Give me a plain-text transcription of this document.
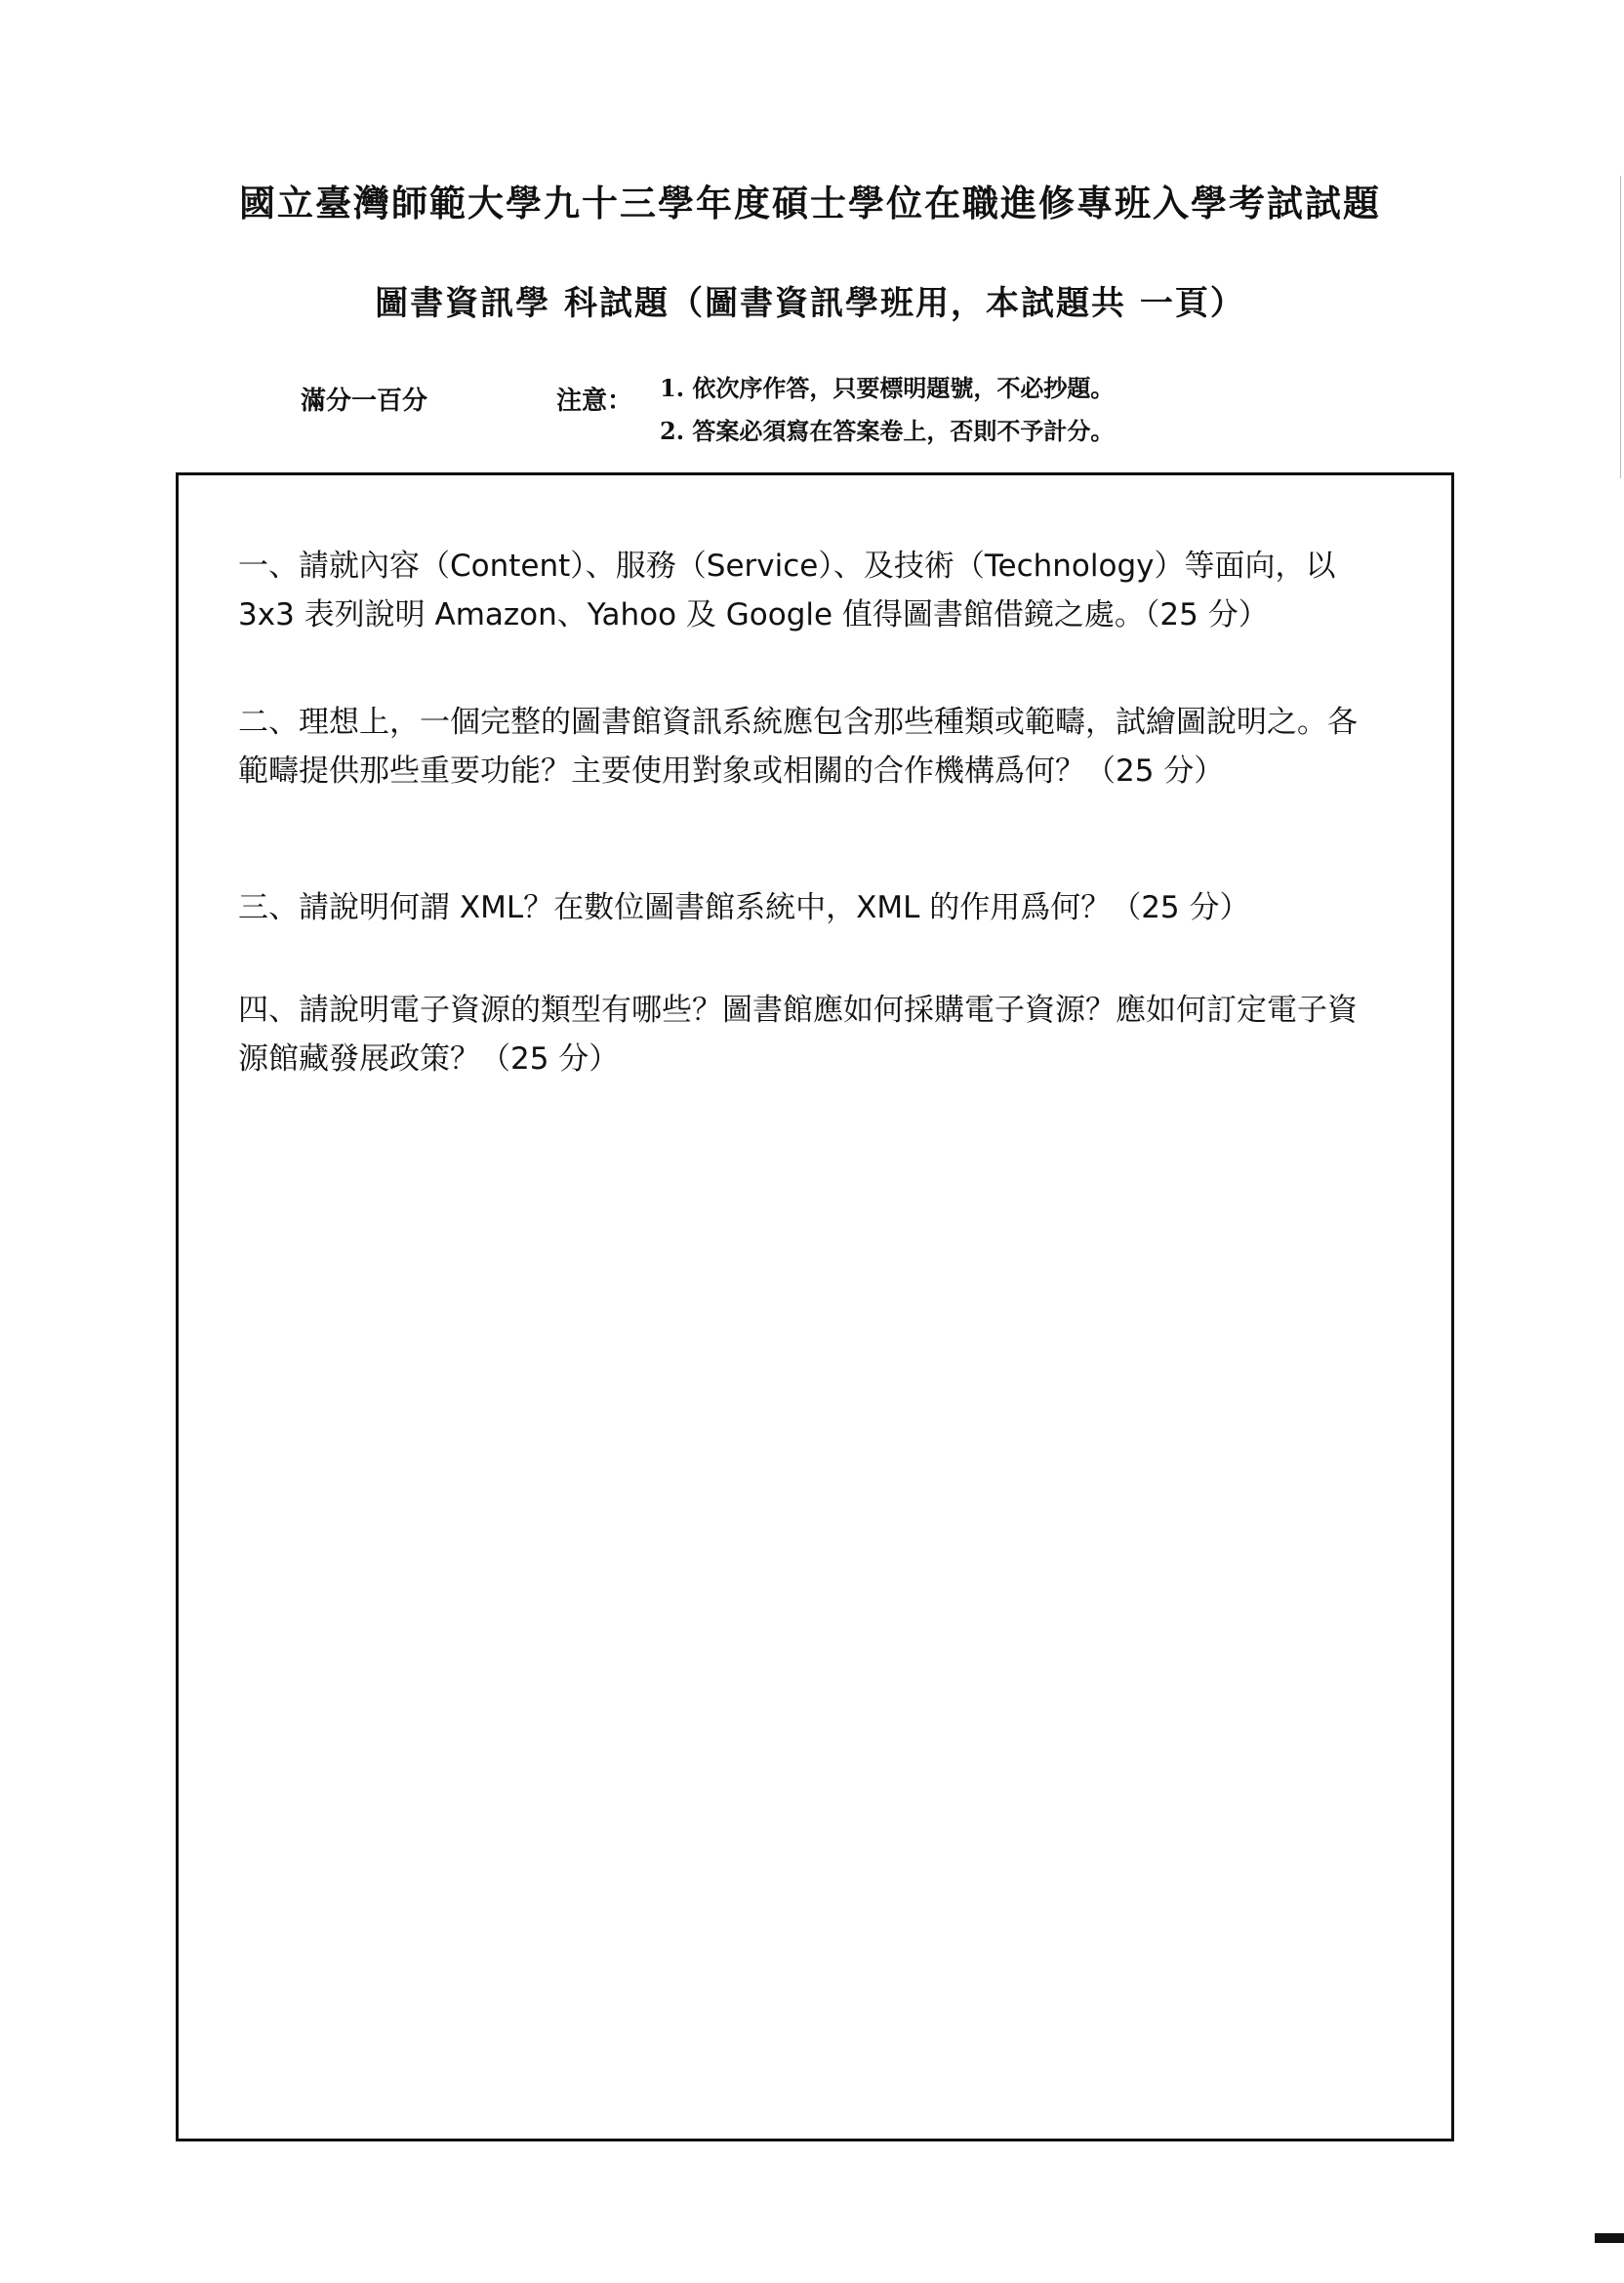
國立臺灣師範大學九十三學年度碩士學位在職進修專班入學考試試題
圖書資訊學 科試題（圖書資訊學班用，本試題共 一頁）
滿分一百分	注意： 1. 依次序作答，只要標明題號，不必抄題。
2. 答案必須寫在答案卷上，否則不予計分。
一、請就內容（Content）、服務（Service）、及技術（Technology）等面向，以 3x3 表列說明 Amazon、Yahoo 及 Google 值得圖書館借鏡之處。（25 分）
二、理想上，一個完整的圖書館資訊系統應包含那些種類或範疇，試繪圖說明之。各範疇提供那些重要功能？主要使用對象或相關的合作機構爲何？（25 分）
三、請說明何謂 XML？在數位圖書館系統中，XML 的作用爲何？（25 分）
四、請說明電子資源的類型有哪些？圖書館應如何採購電子資源？應如何訂定電子資源館藏發展政策？（25 分）
